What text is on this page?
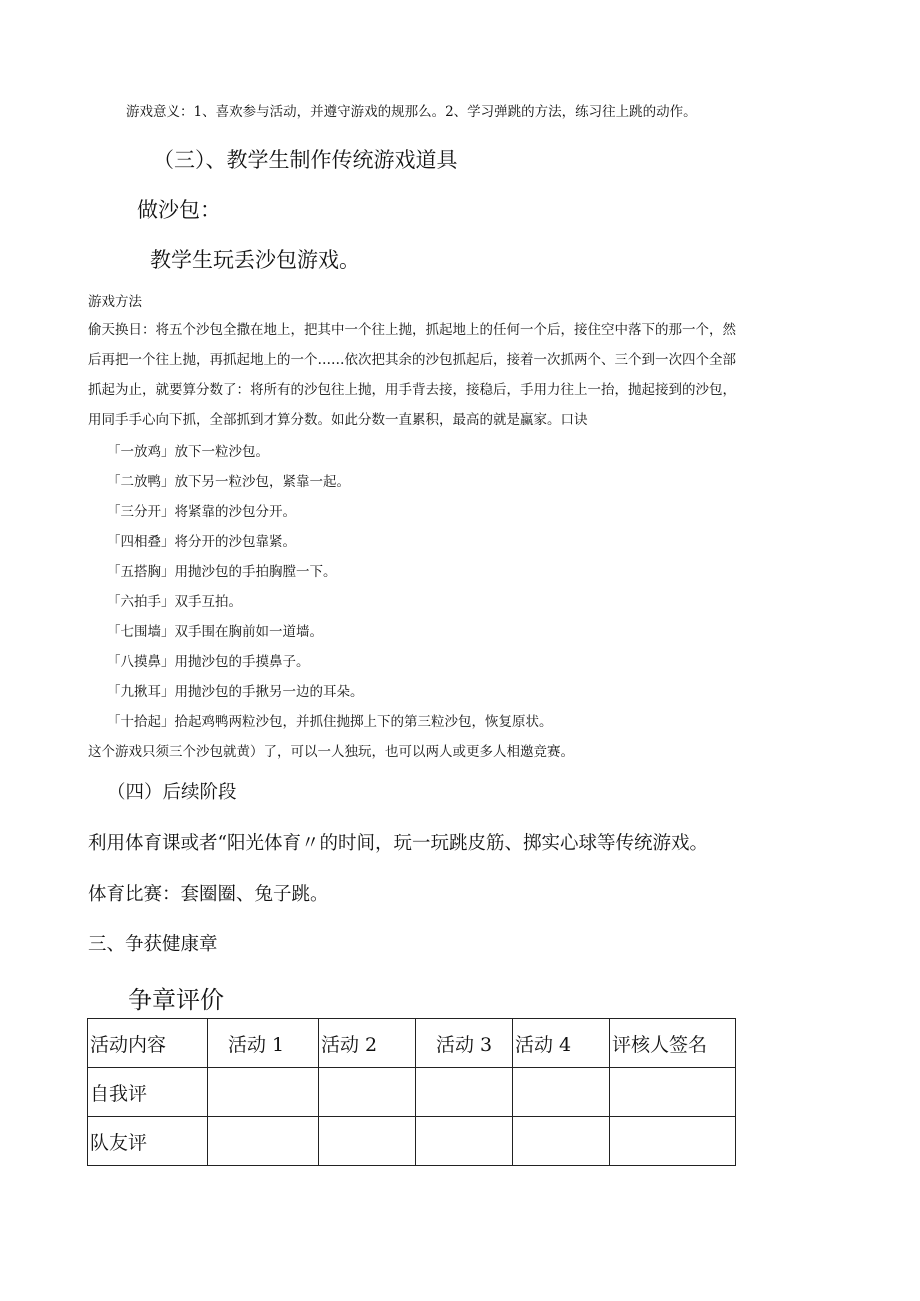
游戏意义：1、喜欢参与活动，并遵守游戏的规那么。2、学习弹跳的方法，练习往上跳的动作。
（三）、教学生制作传统游戏道具
做沙包：
教学生玩丢沙包游戏。
游戏方法
偷天换日：将五个沙包全撒在地上，把其中一个往上抛，抓起地上的任何一个后，接住空中落下的那一个，然
后再把一个往上抛，再抓起地上的一个……依次把其余的沙包抓起后，接着一次抓两个、三个到一次四个全部
抓起为止，就要算分数了：将所有的沙包往上抛，用手背去接，接稳后，手用力往上一抬，抛起接到的沙包，
用同手手心向下抓，全部抓到才算分数。如此分数一直累积，最高的就是赢家。口诀
「一放鸡」放下一粒沙包。
「二放鸭」放下另一粒沙包，紧靠一起。
「三分开」将紧靠的沙包分开。
「四相叠」将分开的沙包靠紧。
「五搭胸」用抛沙包的手拍胸膛一下。
「六拍手」双手互拍。
「七围墙」双手围在胸前如一道墙。
「八摸鼻」用抛沙包的手摸鼻子。
「九揪耳」用抛沙包的手揪另一边的耳朵。
「十拾起」拾起鸡鸭两粒沙包，并抓住抛掷上下的第三粒沙包，恢复原状。
这个游戏只须三个沙包就黄）了，可以一人独玩，也可以两人或更多人相邀竞赛。
（四）后续阶段
利用体育课或者“阳光体育〃的时间，玩一玩跳皮筋、掷实心球等传统游戏。
体育比赛：套圈圈、兔子跳。
三、争获健康章
争章评价
活动内容	活动 1	活动 2	活动 3	活动 4	评核人签名
自我评					
队友评					
